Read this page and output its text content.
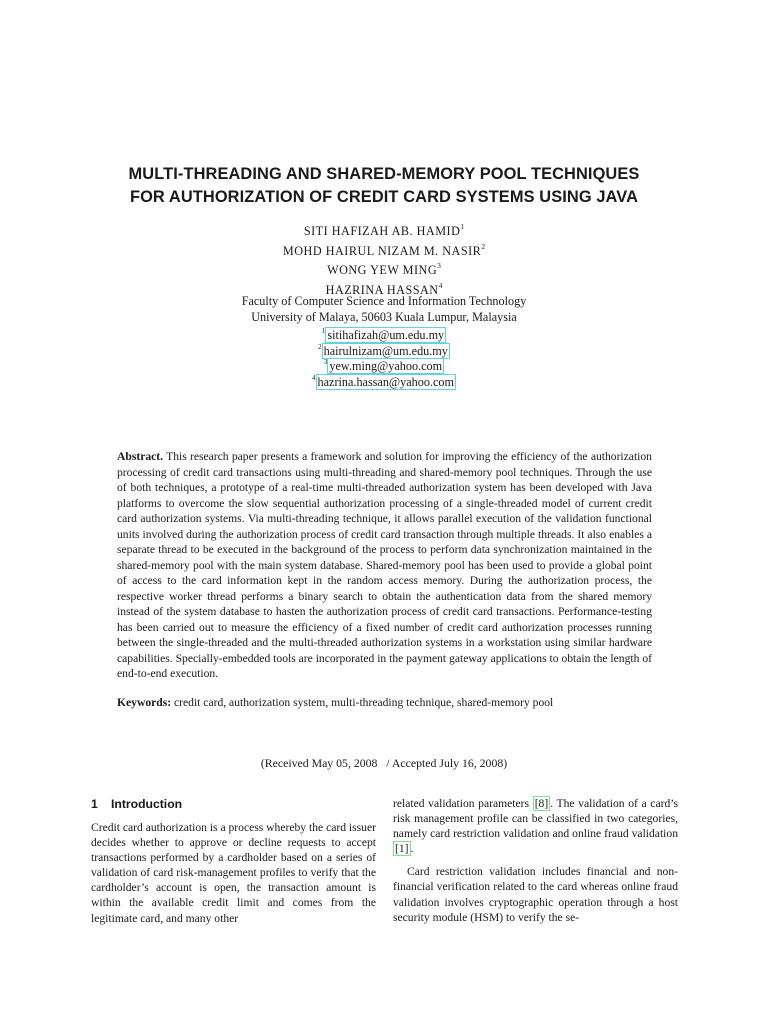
MULTI-THREADING AND SHARED-MEMORY POOL TECHNIQUES
FOR AUTHORIZATION OF CREDIT CARD SYSTEMS USING JAVA
SITI HAFIZAH AB. HAMID$^1$
MOHD HAIRUL NIZAM M. NASIR$^2$
WONG YEW MING$^3$
HAZRINA HASSAN$^4$
Faculty of Computer Science and Information Technology
University of Malaya, 50603 Kuala Lumpur, Malaysia
$^1$ sitihafizah@um.edu.my
$^2$ hairulnizam@um.edu.my
$^3$ yew.ming@yahoo.com
$^4$ hazrina.hassan@yahoo.com
Abstract. This research paper presents a framework and solution for improving the efficiency of the authorization processing of credit card transactions using multi-threading and shared-memory pool techniques. Through the use of both techniques, a prototype of a real-time multi-threaded authorization system has been developed with Java platforms to overcome the slow sequential authorization processing of a single-threaded model of current credit card authorization systems. Via multi-threading technique, it allows parallel execution of the validation functional units involved during the authorization process of credit card transaction through multiple threads. It also enables a separate thread to be executed in the background of the process to perform data synchronization maintained in the shared-memory pool with the main system database. Shared-memory pool has been used to provide a global point of access to the card information kept in the random access memory. During the authorization process, the respective worker thread performs a binary search to obtain the authentication data from the shared memory instead of the system database to hasten the authorization process of credit card transactions. Performance-testing has been carried out to measure the efficiency of a fixed number of credit card authorization processes running between the single-threaded and the multi-threaded authorization systems in a workstation using similar hardware capabilities. Specially-embedded tools are incorporated in the payment gateway applications to obtain the length of end-to-end execution.
Keywords: credit card, authorization system, multi-threading technique, shared-memory pool
(Received May 05, 2008   / Accepted July 16, 2008)
1 Introduction

Credit card authorization is a process whereby the card issuer decides whether to approve or decline requests to accept transactions performed by a cardholder based on a series of validation of card risk-management profiles to verify that the cardholder’s account is open, the transaction amount is within the available credit limit and comes from the legitimate card, and many other

related validation parameters [8] . The validation of a card’s risk management profile can be classified in two categories, namely card restriction validation and online fraud validation [1] .

Card restriction validation includes financial and non-financial verification related to the card whereas online fraud validation involves cryptographic operation through a host security module (HSM) to verify the se-
